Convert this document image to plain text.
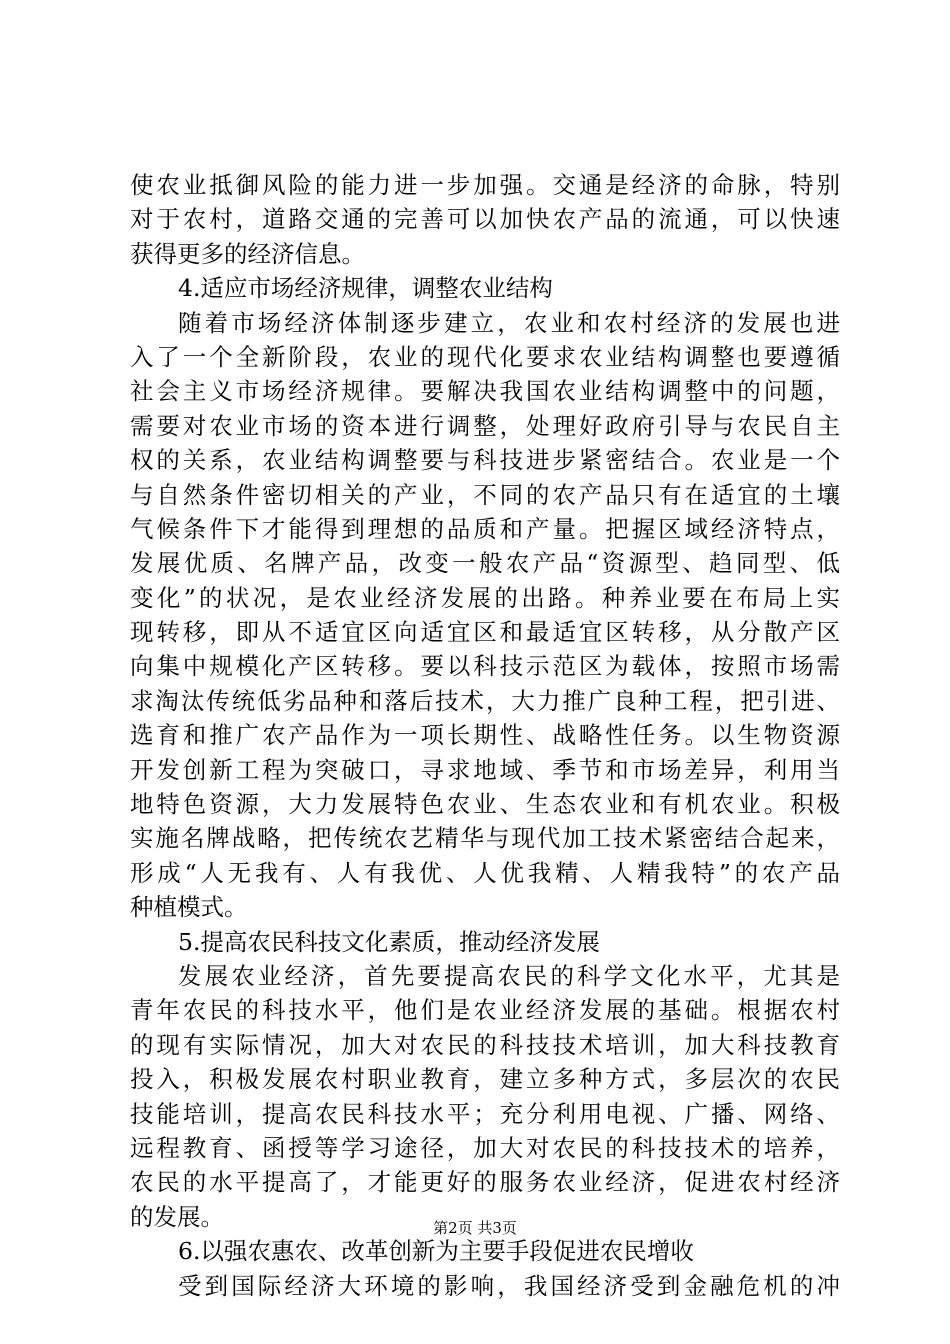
使农业抵御风险的能力进一步加强。交通是经济的命脉，特别
对于农村，道路交通的完善可以加快农产品的流通，可以快速
获得更多的经济信息。
4.适应市场经济规律，调整农业结构
随着市场经济体制逐步建立，农业和农村经济的发展也进
入了一个全新阶段，农业的现代化要求农业结构调整也要遵循
社会主义市场经济规律。要解决我国农业结构调整中的问题，
需要对农业市场的资本进行调整，处理好政府引导与农民自主
权的关系，农业结构调整要与科技进步紧密结合。农业是一个
与自然条件密切相关的产业，不同的农产品只有在适宜的土壤
气候条件下才能得到理想的品质和产量。把握区域经济特点，
发展优质、名牌产品，改变一般农产品“资源型、趋同型、低
变化”的状况，是农业经济发展的出路。种养业要在布局上实
现转移，即从不适宜区向适宜区和最适宜区转移，从分散产区
向集中规模化产区转移。要以科技示范区为载体，按照市场需
求淘汰传统低劣品种和落后技术，大力推广良种工程，把引进、
选育和推广农产品作为一项长期性、战略性任务。以生物资源
开发创新工程为突破口，寻求地域、季节和市场差异，利用当
地特色资源，大力发展特色农业、生态农业和有机农业。积极
实施名牌战略，把传统农艺精华与现代加工技术紧密结合起来，
形成“人无我有、人有我优、人优我精、人精我特”的农产品
种植模式。
5.提高农民科技文化素质，推动经济发展
发展农业经济，首先要提高农民的科学文化水平，尤其是
青年农民的科技水平，他们是农业经济发展的基础。根据农村
的现有实际情况，加大对农民的科技技术培训，加大科技教育
投入，积极发展农村职业教育，建立多种方式，多层次的农民
技能培训，提高农民科技水平；充分利用电视、广播、网络、
远程教育、函授等学习途径，加大对农民的科技技术的培养，
农民的水平提高了，才能更好的服务农业经济，促进农村经济
的发展。
6.以强农惠农、改革创新为主要手段促进农民增收
受到国际经济大环境的影响，我国经济受到金融危机的冲
第2页 共3页
